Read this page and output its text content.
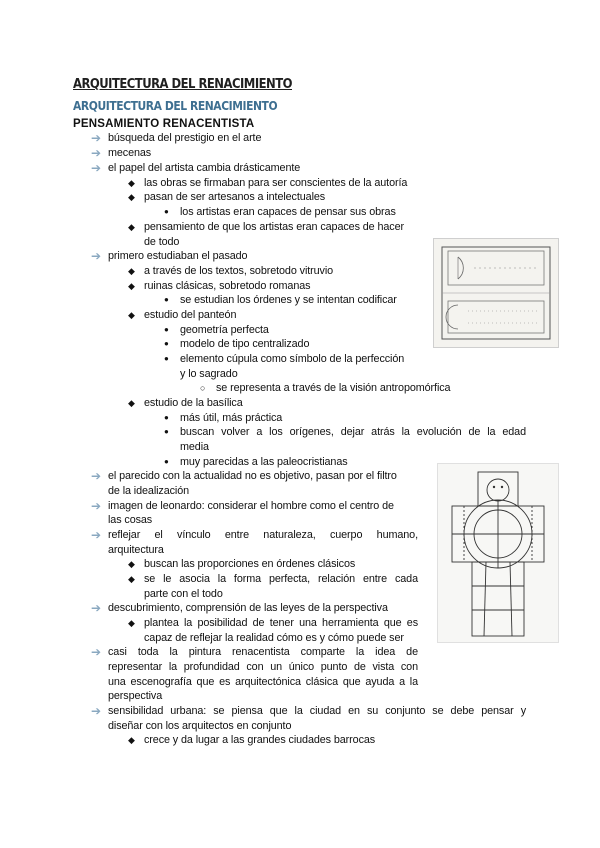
ARQUITECTURA DEL RENACIMIENTO
ARQUITECTURA DEL RENACIMIENTO
PENSAMIENTO RENACENTISTA
➔ búsqueda del prestigio en el arte
➔ mecenas
➔ el papel del artista cambia drásticamente
◆ las obras se firmaban para ser conscientes de la autoría
◆ pasan de ser artesanos a intelectuales
● los artistas eran capaces de pensar sus obras
◆ pensamiento de que los artistas eran capaces de hacer
de todo
➔ primero estudiaban el pasado
◆ a través de los textos, sobretodo vitruvio
◆ ruinas clásicas, sobretodo romanas
● se estudian los órdenes y se intentan codificar
◆ estudio del panteón
● geometría perfecta
● modelo de tipo centralizado
● elemento cúpula como símbolo de la perfección
y lo sagrado
○ se representa a través de la visión antropomórfica
◆ estudio de la basílica
● más útil, más práctica
● buscan volver a los orígenes, dejar atrás la evolución de la edad
media
● muy parecidas a las paleocristianas
➔ el parecido con la actualidad no es objetivo, pasan por el filtro
de la idealización
➔ imagen de leonardo: considerar el hombre como el centro de
las cosas
➔ reflejar el vínculo entre naturaleza, cuerpo humano,
arquitectura
◆ buscan las proporciones en órdenes clásicos
◆ se le asocia la forma perfecta, relación entre cada
parte con el todo
➔ descubrimiento, comprensión de las leyes de la perspectiva
◆ plantea la posibilidad de tener una herramienta que es
capaz de reflejar la realidad cómo es y cómo puede ser
➔ casi toda la pintura renacentista comparte la idea de
representar la profundidad con un único punto de vista con
una escenografía que es arquitectónica clásica que ayuda a la
perspectiva
➔ sensibilidad urbana: se piensa que la ciudad en su conjunto se debe pensar y
diseñar con los arquitectos en conjunto
◆ crece y da lugar a las grandes ciudades barrocas
